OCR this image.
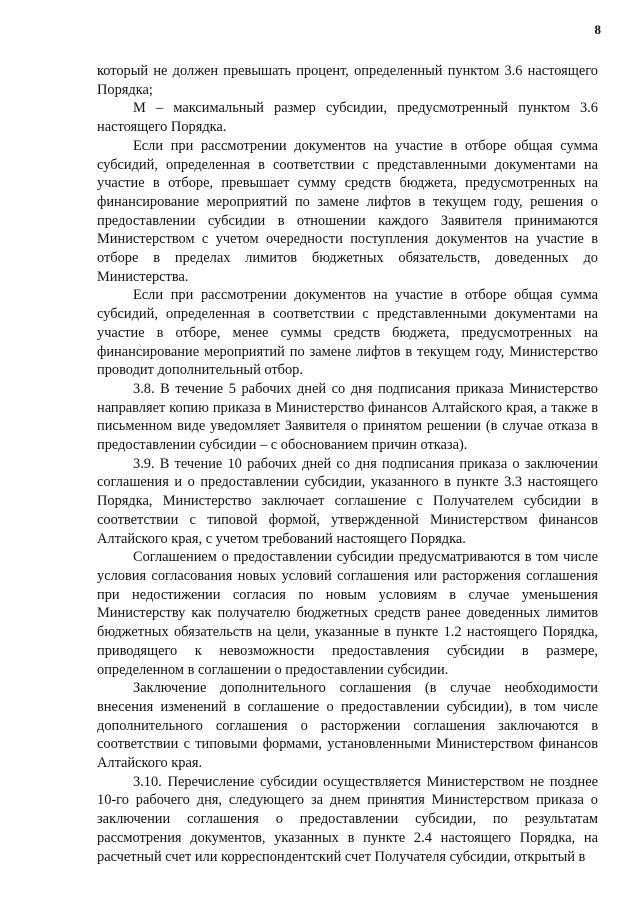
8

который не должен превышать процент, определенный пунктом 3.6 настоящего Порядка;

М – максимальный размер субсидии, предусмотренный пунктом 3.6 настоящего Порядка.

Если при рассмотрении документов на участие в отборе общая сумма субсидий, определенная в соответствии с представленными документами на участие в отборе, превышает сумму средств бюджета, предусмотренных на финансирование мероприятий по замене лифтов в текущем году, решения о предоставлении субсидии в отношении каждого Заявителя принимаются Министерством с учетом очередности поступления документов на участие в отборе в пределах лимитов бюджетных обязательств, доведенных до Министерства.

Если при рассмотрении документов на участие в отборе общая сумма субсидий, определенная в соответствии с представленными документами на участие в отборе, менее суммы средств бюджета, предусмотренных на финансирование мероприятий по замене лифтов в текущем году, Министерство проводит дополнительный отбор.

3.8. В течение 5 рабочих дней со дня подписания приказа Министерство направляет копию приказа в Министерство финансов Алтайского края, а также в письменном виде уведомляет Заявителя о принятом решении (в случае отказа в предоставлении субсидии – с обоснованием причин отказа).

3.9. В течение 10 рабочих дней со дня подписания приказа о заключении соглашения и о предоставлении субсидии, указанного в пункте 3.3 настоящего Порядка, Министерство заключает соглашение с Получателем субсидии в соответствии с типовой формой, утвержденной Министерством финансов Алтайского края, с учетом требований настоящего Порядка.

Соглашением о предоставлении субсидии предусматриваются в том числе условия согласования новых условий соглашения или расторжения соглашения при недостижении согласия по новым условиям в случае уменьшения Министерству как получателю бюджетных средств ранее доведенных лимитов бюджетных обязательств на цели, указанные в пункте 1.2 настоящего Порядка, приводящего к невозможности предоставления субсидии в размере, определенном в соглашении о предоставлении субсидии.

Заключение дополнительного соглашения (в случае необходимости внесения изменений в соглашение о предоставлении субсидии), в том числе дополнительного соглашения о расторжении соглашения заключаются в соответствии с типовыми формами, установленными Министерством финансов Алтайского края.

3.10. Перечисление субсидии осуществляется Министерством не позднее 10-го рабочего дня, следующего за днем принятия Министерством приказа о заключении соглашения о предоставлении субсидии, по результатам рассмотрения документов, указанных в пункте 2.4 настоящего Порядка, на расчетный счет или корреспондентский счет Получателя субсидии, открытый в
